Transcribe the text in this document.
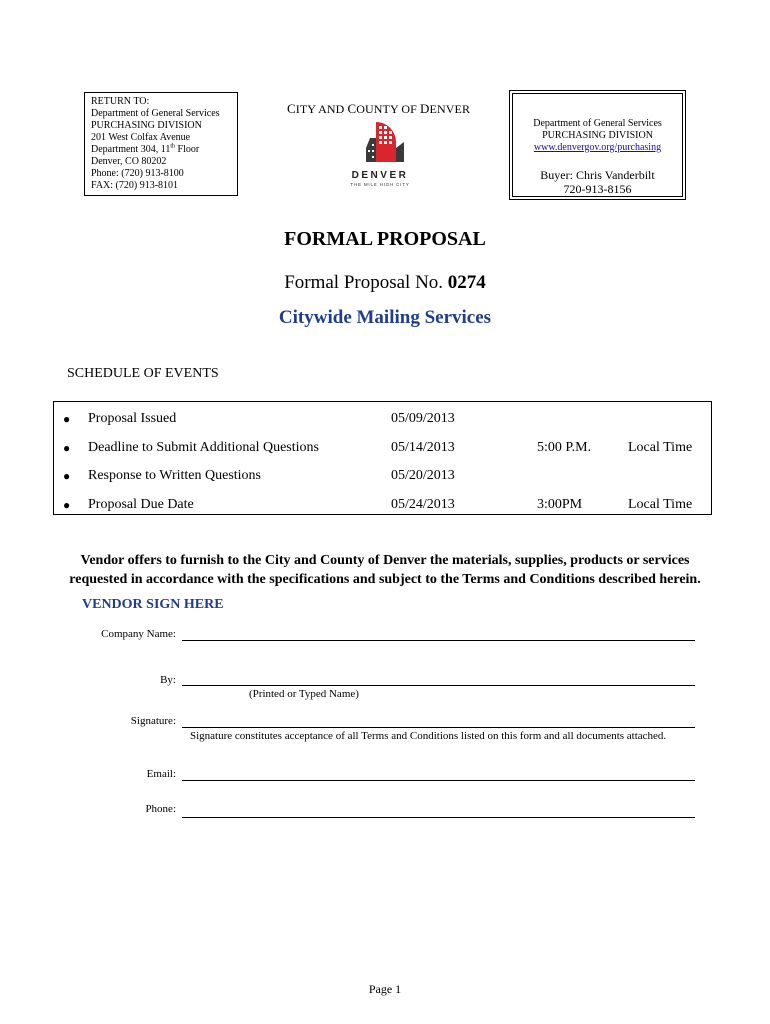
RETURN TO:
Department of General Services
PURCHASING DIVISION
201 West Colfax Avenue
Department 304, 11th Floor
Denver, CO 80202
Phone: (720) 913-8100
FAX: (720) 913-8101
CITY AND COUNTY OF DENVER
DENVER
THE MILE HIGH CITY
Department of General Services
PURCHASING DIVISION
www.denvergov.org/purchasing
Buyer: Chris Vanderbilt
720-913-8156
FORMAL PROPOSAL
Formal Proposal No. 0274
Citywide Mailing Services
SCHEDULE OF EVENTS
● Proposal Issued	05/09/2013
● Deadline to Submit Additional Questions	05/14/2013	5:00 P.M.	Local Time
● Response to Written Questions	05/20/2013
● Proposal Due Date	05/24/2013	3:00PM	Local Time
Vendor offers to furnish to the City and County of Denver the materials, supplies, products or services
requested in accordance with the specifications and subject to the Terms and Conditions described herein.
VENDOR SIGN HERE
Company Name:
By:
(Printed or Typed Name)
Signature:
Signature constitutes acceptance of all Terms and Conditions listed on this form and all documents attached.
Email:
Phone:
Page 1
